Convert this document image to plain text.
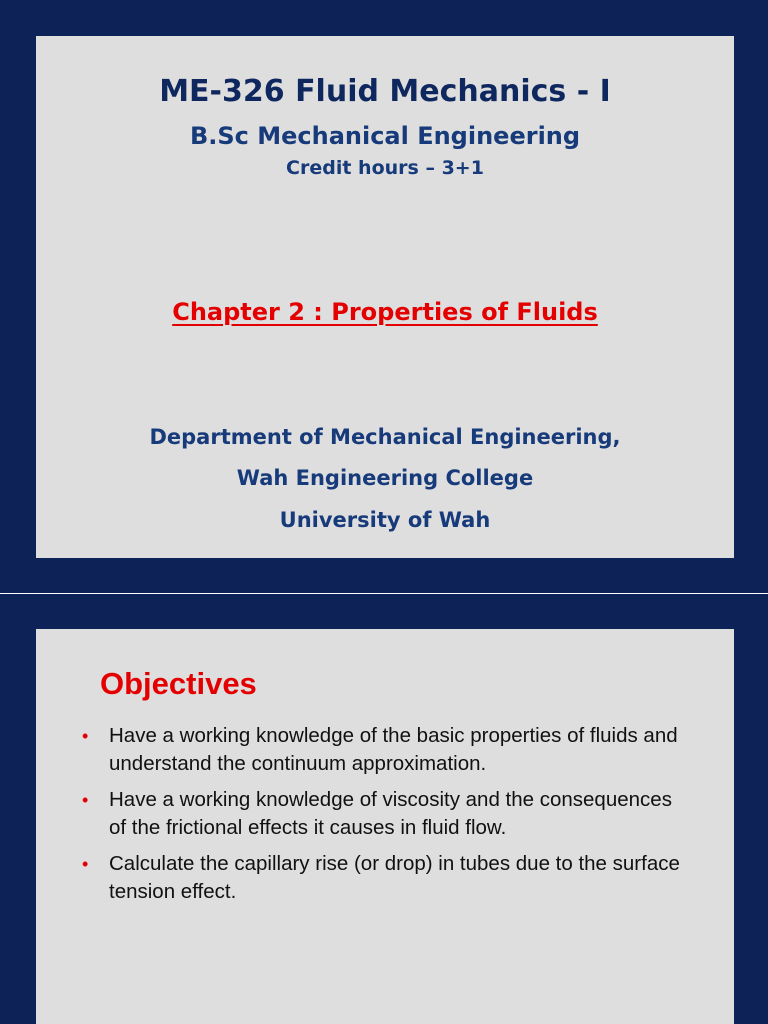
ME-326 Fluid Mechanics - I
B.Sc Mechanical Engineering
Credit hours – 3+1
Chapter 2 : Properties of Fluids
Department of Mechanical Engineering,
Wah Engineering College
University of Wah
Objectives
• Have a working knowledge of the basic properties of fluids and understand the continuum approximation.
• Have a working knowledge of viscosity and the consequences of the frictional effects it causes in fluid flow.
• Calculate the capillary rise (or drop) in tubes due to the surface tension effect.
